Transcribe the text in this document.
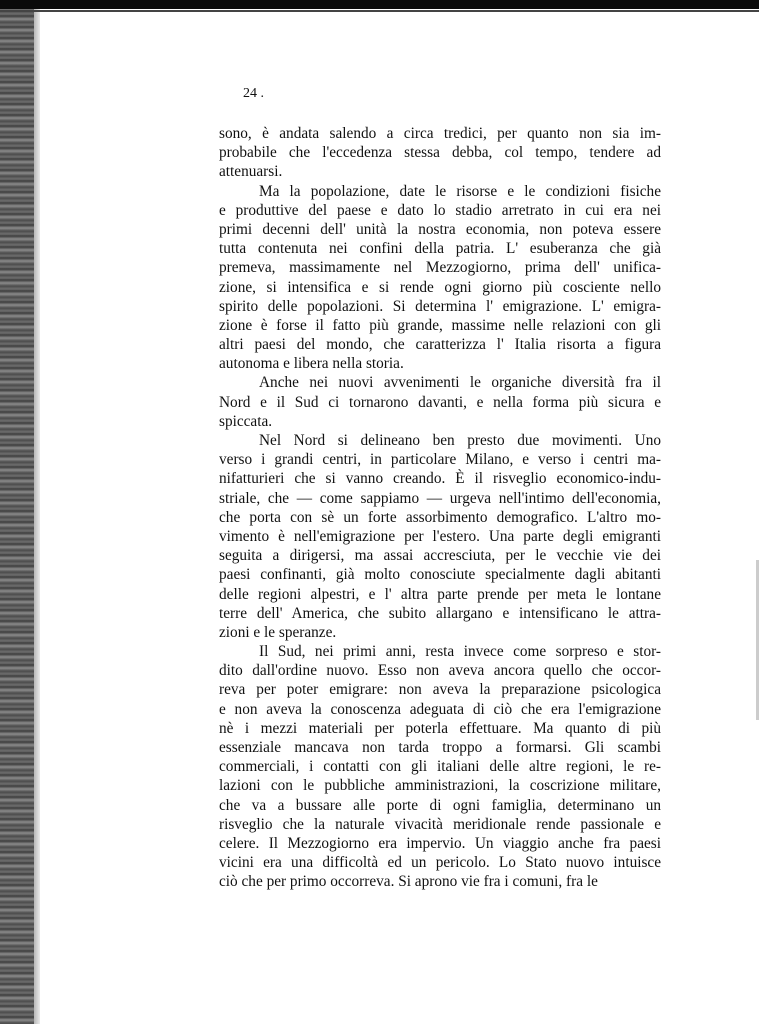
24 .

sono, è andata salendo a circa tredici, per quanto non sia im-
probabile che l'eccedenza stessa debba, col tempo, tendere ad
attenuarsi.
Ma la popolazione, date le risorse e le condizioni fisiche
e produttive del paese e dato lo stadio arretrato in cui era nei
primi decenni dell' unità la nostra economia, non poteva essere
tutta contenuta nei confini della patria. L' esuberanza che già
premeva, massimamente nel Mezzogiorno, prima dell' unifica-
zione, si intensifica e si rende ogni giorno più cosciente nello
spirito delle popolazioni. Si determina l' emigrazione. L' emigra-
zione è forse il fatto più grande, massime nelle relazioni con gli
altri paesi del mondo, che caratterizza l' Italia risorta a figura
autonoma e libera nella storia.
Anche nei nuovi avvenimenti le organiche diversità fra il
Nord e il Sud ci tornarono davanti, e nella forma più sicura e
spiccata.
Nel Nord si delineano ben presto due movimenti. Uno
verso i grandi centri, in particolare Milano, e verso i centri ma-
nifatturieri che si vanno creando. È il risveglio economico-indu-
striale, che — come sappiamo — urgeva nell'intimo dell'economia,
che porta con sè un forte assorbimento demografico. L'altro mo-
vimento è nell'emigrazione per l'estero. Una parte degli emigranti
seguita a dirigersi, ma assai accresciuta, per le vecchie vie dei
paesi confinanti, già molto conosciute specialmente dagli abitanti
delle regioni alpestri, e l' altra parte prende per meta le lontane
terre dell' America, che subito allargano e intensificano le attra-
zioni e le speranze.
Il Sud, nei primi anni, resta invece come sorpreso e stor-
dito dall'ordine nuovo. Esso non aveva ancora quello che occor-
reva per poter emigrare: non aveva la preparazione psicologica
e non aveva la conoscenza adeguata di ciò che era l'emigrazione
nè i mezzi materiali per poterla effettuare. Ma quanto di più
essenziale mancava non tarda troppo a formarsi. Gli scambi
commerciali, i contatti con gli italiani delle altre regioni, le re-
lazioni con le pubbliche amministrazioni, la coscrizione militare,
che va a bussare alle porte di ogni famiglia, determinano un
risveglio che la naturale vivacità meridionale rende passionale e
celere. Il Mezzogiorno era impervio. Un viaggio anche fra paesi
vicini era una difficoltà ed un pericolo. Lo Stato nuovo intuisce
ciò che per primo occorreva. Si aprono vie fra i comuni, fra le
